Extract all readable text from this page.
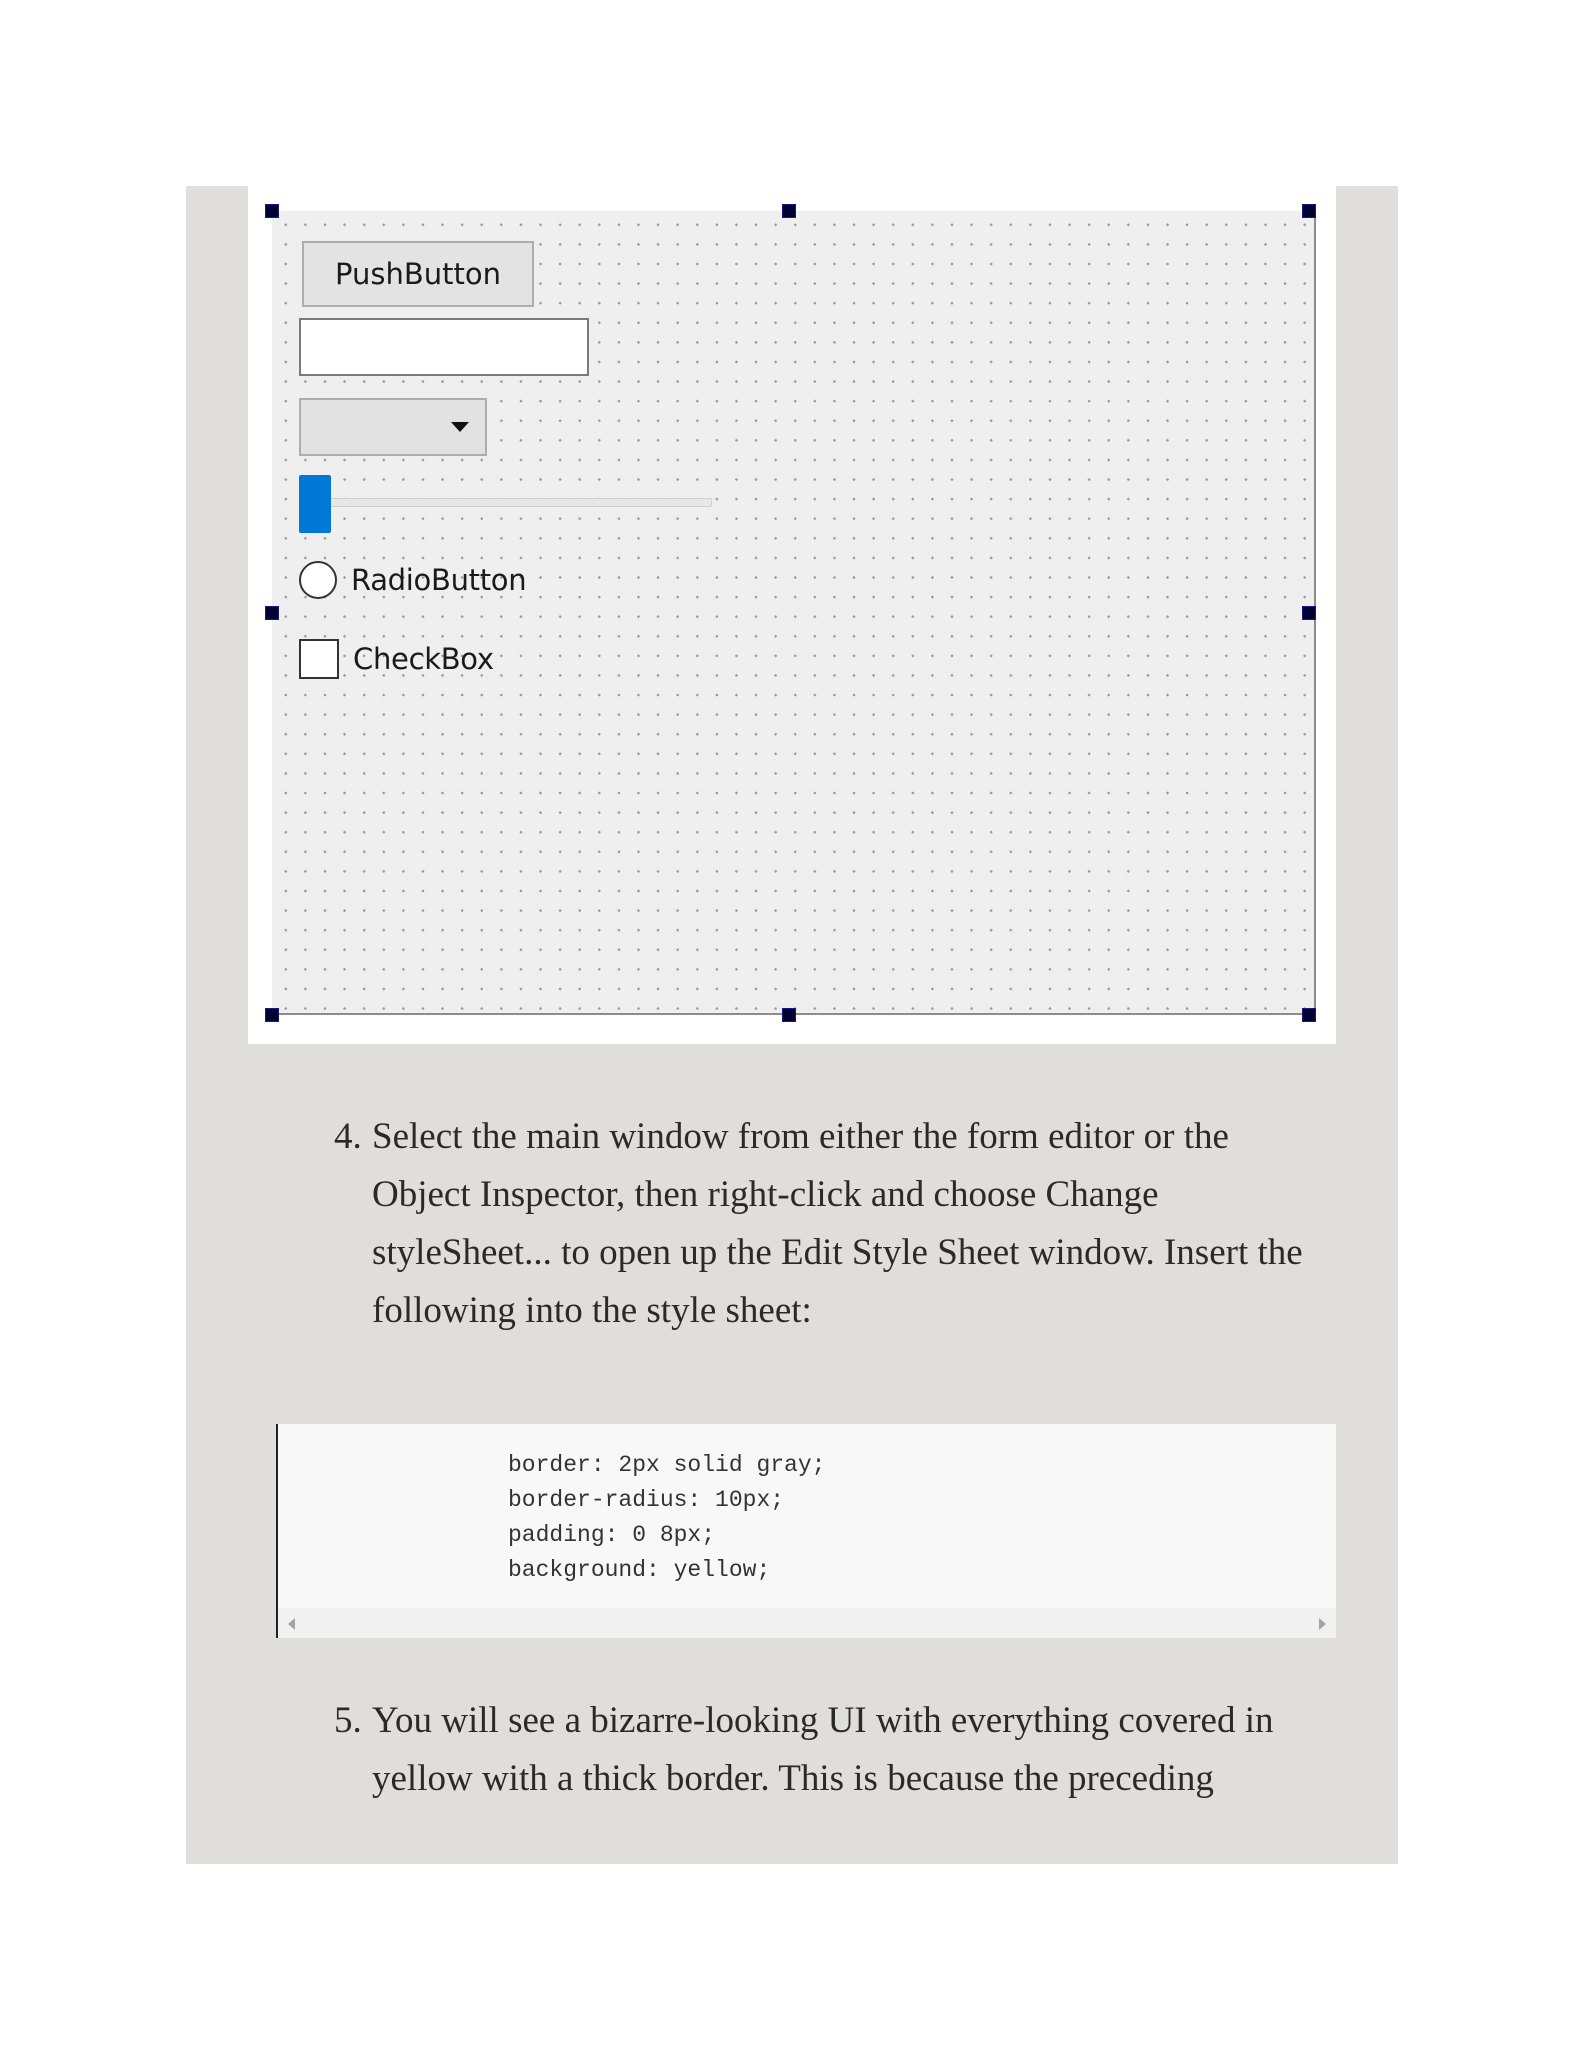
PushButton
RadioButton
CheckBox
4. Select the main window from either the form editor or the Object Inspector, then right-click and choose Change styleSheet... to open up the Edit Style Sheet window. Insert the following into the style sheet:
border: 2px solid gray;
border-radius: 10px;
padding: 0 8px;
background: yellow;
5. You will see a bizarre-looking UI with everything covered in yellow with a thick border. This is because the preceding
